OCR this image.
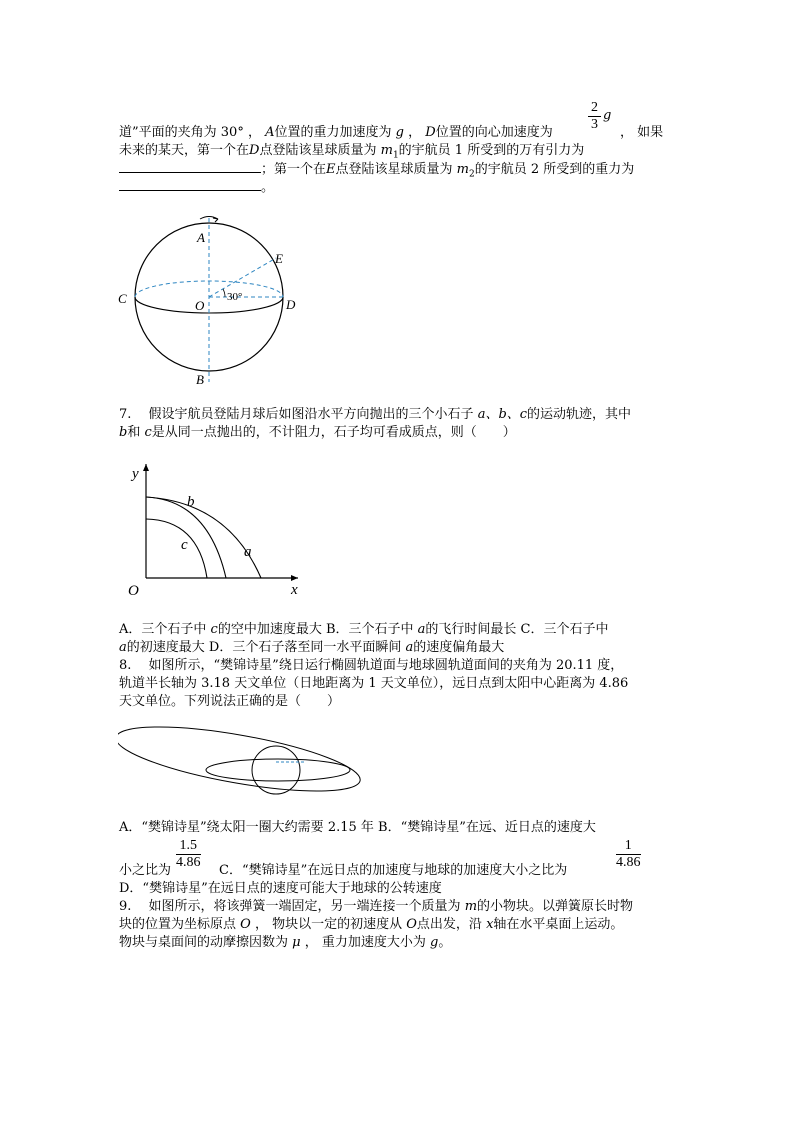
道”平面的夹角为 30° ， A位置的重力加速度为 g ， D位置的向心加速度为
2
3
g
， 如果
未来的某天，第一个在D点登陆该星球质量为 $m_1$的宇航员 1 所受到的万有引力为
；第一个在E点登陆该星球质量为 $m_2$的宇航员 2 所受到的重力为
。
A
B
C	D
E
O
30°
7.　 假设宇航员登陆月球后如图沿水平方向抛出的三个小石子 a、b、c的运动轨迹，其中
b和 c是从同一点抛出的，不计阻力，石子均可看成质点，则（　　）
y
x
O
a
b
c
A．三个石子中 c的空中加速度最大 B．三个石子中 a的飞行时间最长 C．三个石子中
a的初速度最大 D．三个石子落至同一水平面瞬间 a的速度偏角最大
8.　 如图所示，“樊锦诗星”绕日运行椭圆轨道面与地球圆轨道面间的夹角为 20.11 度，
轨道半长轴为 3.18 天文单位（日地距离为 1 天文单位），远日点到太阳中心距离为 4.86
天文单位。下列说法正确的是（　　）
A．“樊锦诗星”绕太阳一圈大约需要 2.15 年 B．“樊锦诗星”在远、近日点的速度大
小之比为
1.5
4.86
C．“樊锦诗星”在远日点的加速度与地球的加速度大小之比为
1
4.86
D．“樊锦诗星”在远日点的速度可能大于地球的公转速度
9.　 如图所示，将该弹簧一端固定，另一端连接一个质量为 m的小物块。以弹簧原长时物
块的位置为坐标原点 O ， 物块以一定的初速度从 O点出发，沿 x轴在水平桌面上运动。
物块与桌面间的动摩擦因数为 μ ， 重力加速度大小为 g。
